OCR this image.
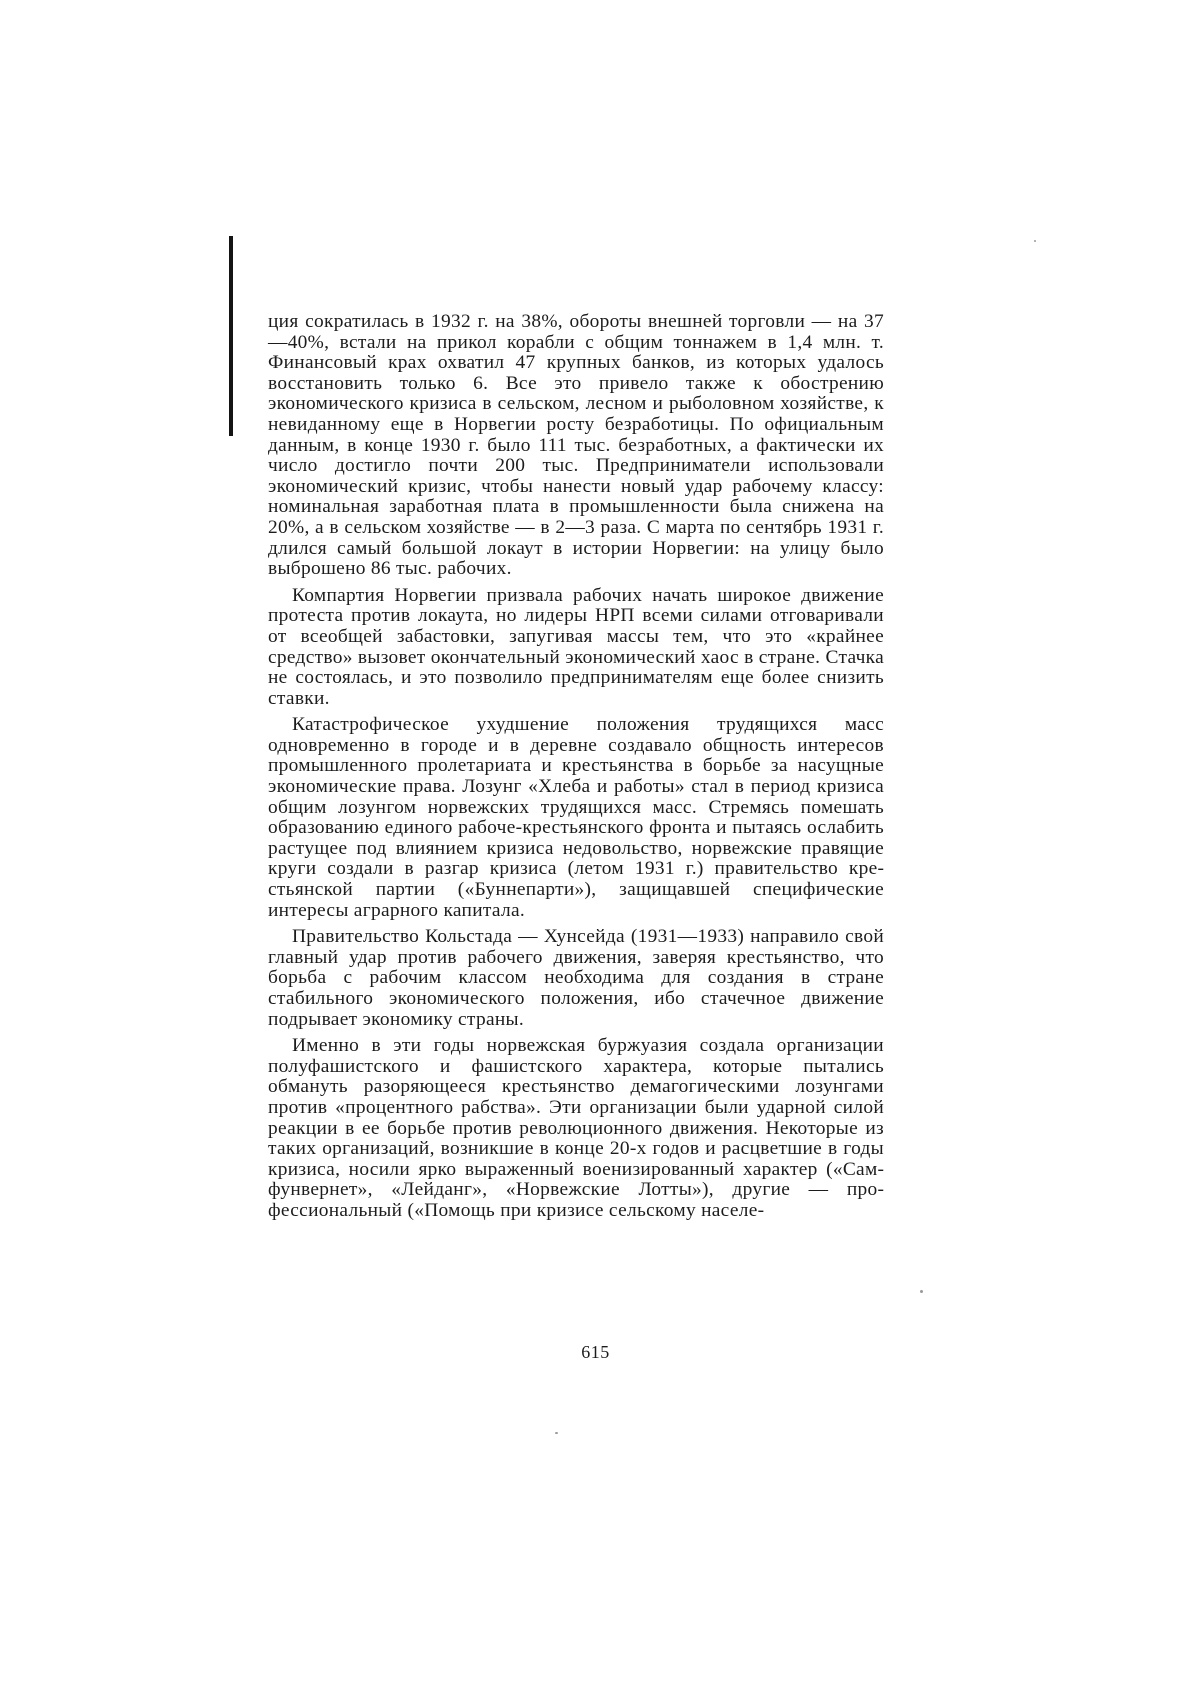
ция сократилась в 1932 г. на 38%, обороты внешней торговли — на 37—40%, встали на прикол корабли с общим тоннажем в 1,4 млн. т. Финансовый крах охватил 47 крупных банков, из которых удалось восстановить только 6. Все это привело также к обострению экономического кризиса в сельском, лесном и рыболовном хозяйстве, к невиданному еще в Норвегии росту безработицы. По официальным данным, в конце 1930 г. было 111 тыс. безработных, а фактически их число достигло почти 200 тыс. Предприниматели использовали экономический кризис, чтобы нанести новый удар рабочему классу: номинальная заработная плата в промышленности была снижена на 20%, а в сельском хозяйстве — в 2—3 раза. С марта по сентябрь 1931 г. длился самый большой локаут в истории Норвегии: на улицу было выброшено 86 тыс. рабочих.

Компартия Норвегии призвала рабочих начать широкое движение протеста против локаута, но лидеры НРП всеми силами отговаривали от всеобщей забастовки, запугивая массы тем, что это «крайнее средство» вызовет окончательный экономический хаос в стране. Стачка не состоялась, и это позволило предпринимателям еще более снизить ставки.

Катастрофическое ухудшение положения трудящихся масс одновременно в городе и в деревне создавало общность интересов промышленного пролетариата и крестьянства в борьбе за насущные экономические права. Лозунг «Хлеба и работы» стал в период кризиса общим лозунгом норвежских трудящихся масс. Стремясь помешать образованию единого рабоче-крестьянского фронта и пытаясь ослабить растущее под влиянием кризиса недовольство, норвежские правящие круги создали в разгар кризиса (летом 1931 г.) правительство крестьянской партии («Буннепарти»), защищавшей специфические интересы аграрного капитала.

Правительство Кольстада — Хунсейда (1931—1933) направило свой главный удар против рабочего движения, заверяя крестьянство, что борьба с рабочим классом необходима для создания в стране стабильного экономического положения, ибо стачечное движение подрывает экономику страны.

Именно в эти годы норвежская буржуазия создала организации полуфашистского и фашистского характера, которые пытались обмануть разоряющееся крестьянство демагогическими лозунгами против «процентного рабства». Эти организации были ударной силой реакции в ее борьбе против революционного движения. Некоторые из таких организаций, возникшие в конце 20-х годов и расцветшие в годы кризиса, носили ярко выраженный военизированный характер («Самфунвернет», «Лейданг», «Норвежские Лотты»), другие — профессиональный («Помощь при кризисе сельскому населе-

615
